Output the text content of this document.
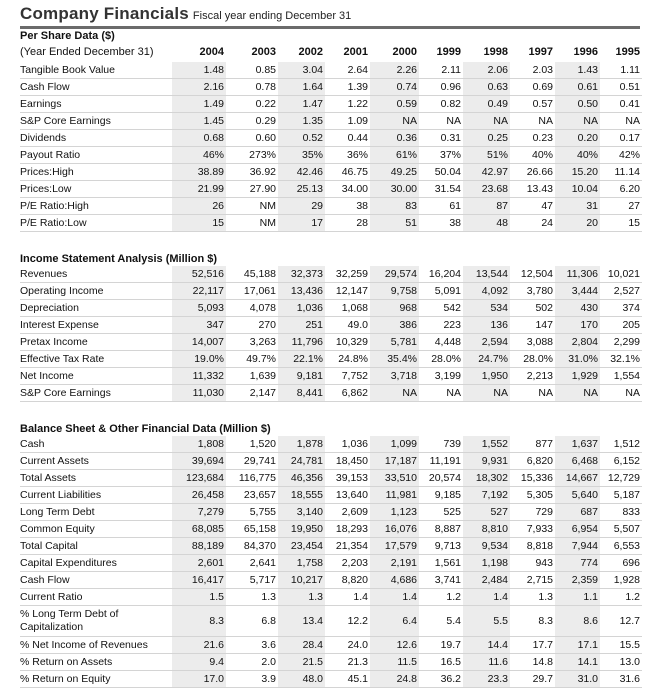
Company Financials Fiscal year ending December 31
Per Share Data ($)										
(Year Ended December 31)	2004	2003	2002	2001	2000	1999	1998	1997	1996	1995
Tangible Book Value	1.48	0.85	3.04	2.64	2.26	2.11	2.06	2.03	1.43	1.11
Cash Flow	2.16	0.78	1.64	1.39	0.74	0.96	0.63	0.69	0.61	0.51
Earnings	1.49	0.22	1.47	1.22	0.59	0.82	0.49	0.57	0.50	0.41
S&P Core Earnings	1.45	0.29	1.35	1.09	NA	NA	NA	NA	NA	NA
Dividends	0.68	0.60	0.52	0.44	0.36	0.31	0.25	0.23	0.20	0.17
Payout Ratio	46%	273%	35%	36%	61%	37%	51%	40%	40%	42%
Prices:High	38.89	36.92	42.46	46.75	49.25	50.04	42.97	26.66	15.20	11.14
Prices:Low	21.99	27.90	25.13	34.00	30.00	31.54	23.68	13.43	10.04	6.20
P/E Ratio:High	26	NM	29	38	83	61	87	47	31	27
P/E Ratio:Low	15	NM	17	28	51	38	48	24	20	15

Income Statement Analysis (Million $)										
Revenues	52,516	45,188	32,373	32,259	29,574	16,204	13,544	12,504	11,306	10,021
Operating Income	22,117	17,061	13,436	12,147	9,758	5,091	4,092	3,780	3,444	2,527
Depreciation	5,093	4,078	1,036	1,068	968	542	534	502	430	374
Interest Expense	347	270	251	49.0	386	223	136	147	170	205
Pretax Income	14,007	3,263	11,796	10,329	5,781	4,448	2,594	3,088	2,804	2,299
Effective Tax Rate	19.0%	49.7%	22.1%	24.8%	35.4%	28.0%	24.7%	28.0%	31.0%	32.1%
Net Income	11,332	1,639	9,181	7,752	3,718	3,199	1,950	2,213	1,929	1,554
S&P Core Earnings	11,030	2,147	8,441	6,862	NA	NA	NA	NA	NA	NA

Balance Sheet & Other Financial Data (Million $)										
Cash	1,808	1,520	1,878	1,036	1,099	739	1,552	877	1,637	1,512
Current Assets	39,694	29,741	24,781	18,450	17,187	11,191	9,931	6,820	6,468	6,152
Total Assets	123,684	116,775	46,356	39,153	33,510	20,574	18,302	15,336	14,667	12,729
Current Liabilities	26,458	23,657	18,555	13,640	11,981	9,185	7,192	5,305	5,640	5,187
Long Term Debt	7,279	5,755	3,140	2,609	1,123	525	527	729	687	833
Common Equity	68,085	65,158	19,950	18,293	16,076	8,887	8,810	7,933	6,954	5,507
Total Capital	88,189	84,370	23,454	21,354	17,579	9,713	9,534	8,818	7,944	6,553
Capital Expenditures	2,601	2,641	1,758	2,203	2,191	1,561	1,198	943	774	696
Cash Flow	16,417	5,717	10,217	8,820	4,686	3,741	2,484	2,715	2,359	1,928
Current Ratio	1.5	1.3	1.3	1.4	1.4	1.2	1.4	1.3	1.1	1.2
% Long Term Debt of Capitalization	8.3	6.8	13.4	12.2	6.4	5.4	5.5	8.3	8.6	12.7
% Net Income of Revenues	21.6	3.6	28.4	24.0	12.6	19.7	14.4	17.7	17.1	15.5
% Return on Assets	9.4	2.0	21.5	21.3	11.5	16.5	11.6	14.8	14.1	13.0
% Return on Equity	17.0	3.9	48.0	45.1	24.8	36.2	23.3	29.7	31.0	31.6
